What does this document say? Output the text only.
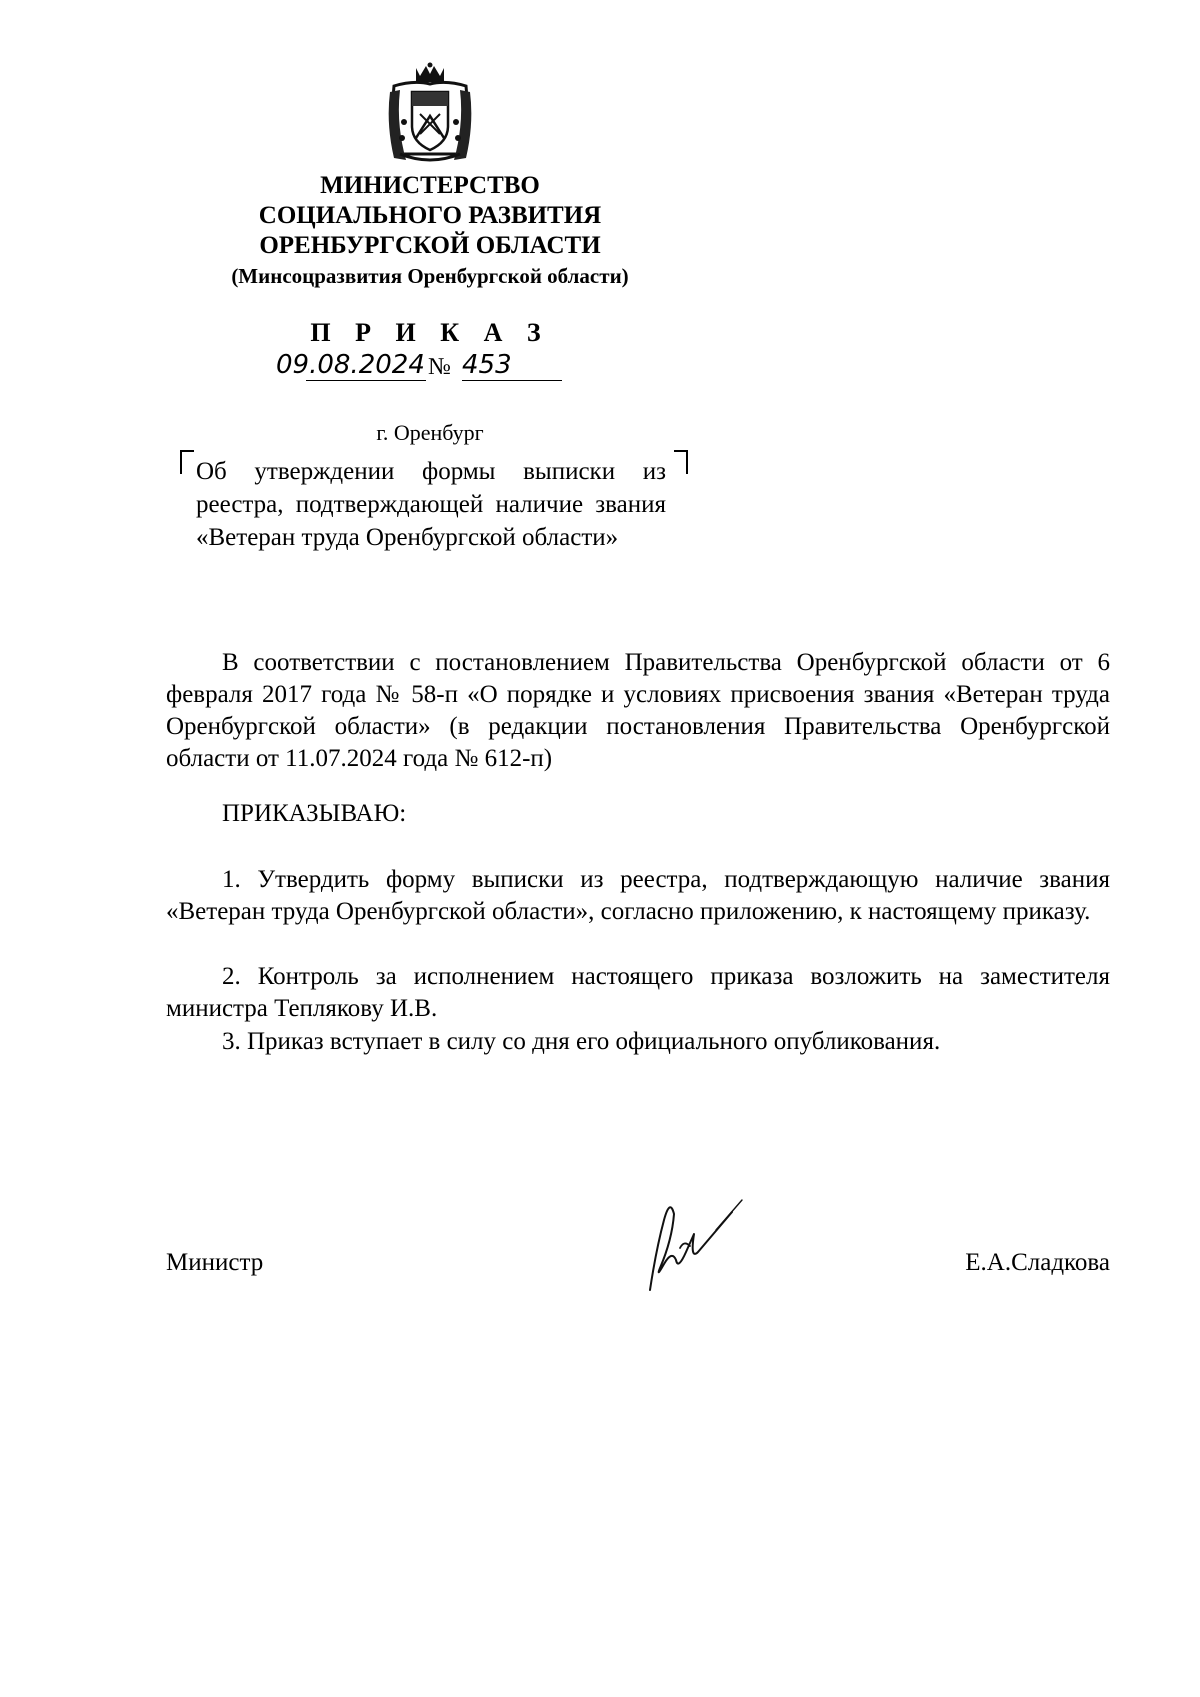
МИНИСТЕРСТВО
СОЦИАЛЬНОГО РАЗВИТИЯ
ОРЕНБУРГСКОЙ ОБЛАСТИ
(Минсоцразвития Оренбургской области)
П Р И К А З
09.08.2024 № 453
г. Оренбург
Об утверждении формы выписки из реестра, подтверждающей наличие звания «Ветеран труда Оренбургской области»
В соответствии с постановлением Правительства Оренбургской области от 6 февраля 2017 года № 58-п «О порядке и условиях присвоения звания «Ветеран труда Оренбургской области» (в редакции постановления Правительства Оренбургской области от 11.07.2024 года № 612-п)
ПРИКАЗЫВАЮ:
1. Утвердить форму выписки из реестра, подтверждающую наличие звания «Ветеран труда Оренбургской области», согласно приложению, к настоящему приказу.
2. Контроль за исполнением настоящего приказа возложить на заместителя министра Теплякову И.В.
3. Приказ вступает в силу со дня его официального опубликования.
Министр	Е.А.Сладкова
